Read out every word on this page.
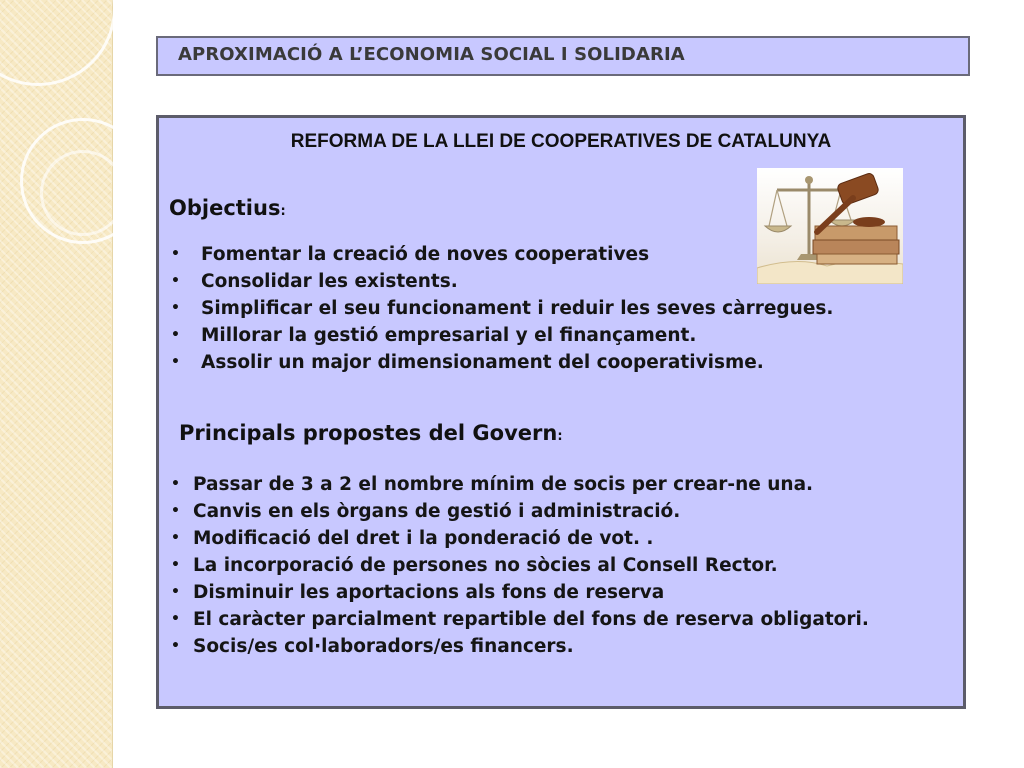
APROXIMACIÓ A L’ECONOMIA SOCIAL I SOLIDARIA
REFORMA DE LA LLEI DE COOPERATIVES DE CATALUNYA
Objectius:
•	Fomentar la creació de noves cooperatives
•	Consolidar les existents.
•	Simplificar el seu funcionament i reduir les seves càrregues.
•	Millorar la gestió empresarial y el finançament.
•	Assolir un major dimensionament del cooperativisme.
Principals propostes del Govern:
• Passar de 3 a 2 el nombre mínim de socis per crear-ne una.
• Canvis en els òrgans de gestió i administració.
• Modificació del dret i la ponderació de vot. .
• La incorporació de persones no sòcies al Consell Rector.
• Disminuir les aportacions als fons de reserva
• El caràcter parcialment repartible del fons de reserva obligatori.
• Socis/es col·laboradors/es financers.
